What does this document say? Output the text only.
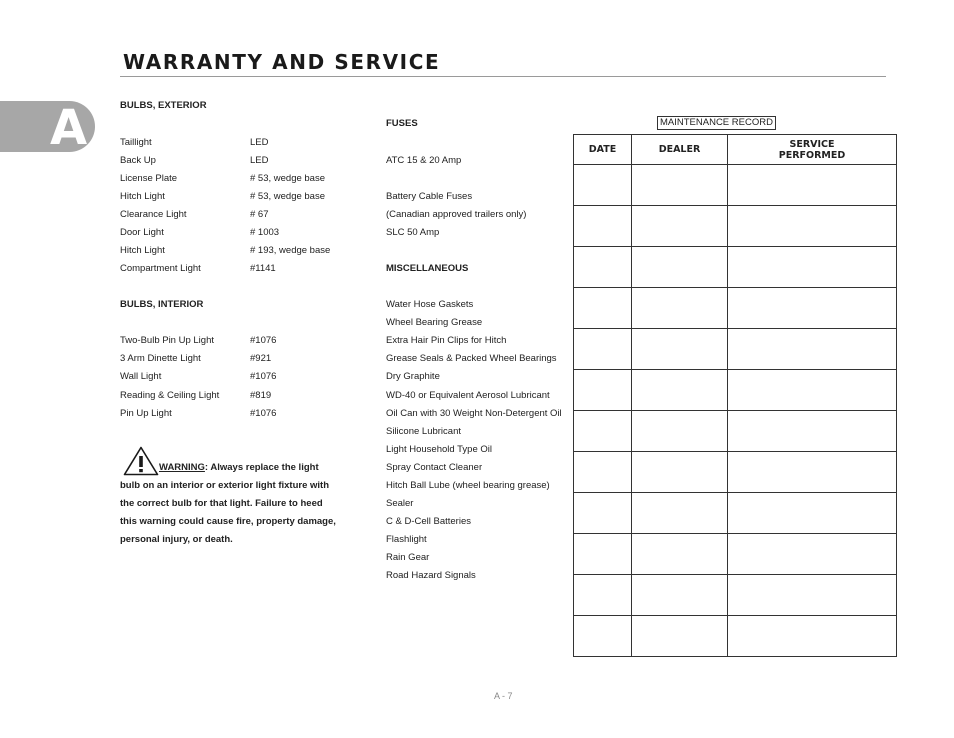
WARRANTY AND SERVICE
A	BULBS, EXTERIOR
Taillight	LED
Back Up	LED
License Plate	# 53, wedge base
Hitch Light	# 53, wedge base
Clearance Light	# 67
Door Light	# 1003
Hitch Light	# 193, wedge base
Compartment Light	#1141
BULBS, INTERIOR
Two-Bulb Pin Up Light	#1076
3 Arm Dinette Light	#921
Wall Light	#1076
Reading & Ceiling Light	#819
Pin Up Light	#1076
WARNING: Always replace the light
bulb on an interior or exterior light fixture with
the correct bulb for that light. Failure to heed
this warning could cause fire, property damage,
personal injury, or death.
FUSES
ATC 15 & 20 Amp
Battery Cable Fuses
(Canadian approved trailers only)
SLC 50 Amp
MISCELLANEOUS
Water Hose Gaskets
Wheel Bearing Grease
Extra Hair Pin Clips for Hitch
Grease Seals & Packed Wheel Bearings
Dry Graphite
WD-40 or Equivalent Aerosol Lubricant
Oil Can with 30 Weight Non-Detergent Oil
Silicone Lubricant
Light Household Type Oil
Spray Contact Cleaner
Hitch Ball Lube (wheel bearing grease)
Sealer
C & D-Cell Batteries
Flashlight
Rain Gear
Road Hazard Signals
MAINTENANCE RECORD
DATE	DEALER	SERVICE
PERFORMED

A - 7
